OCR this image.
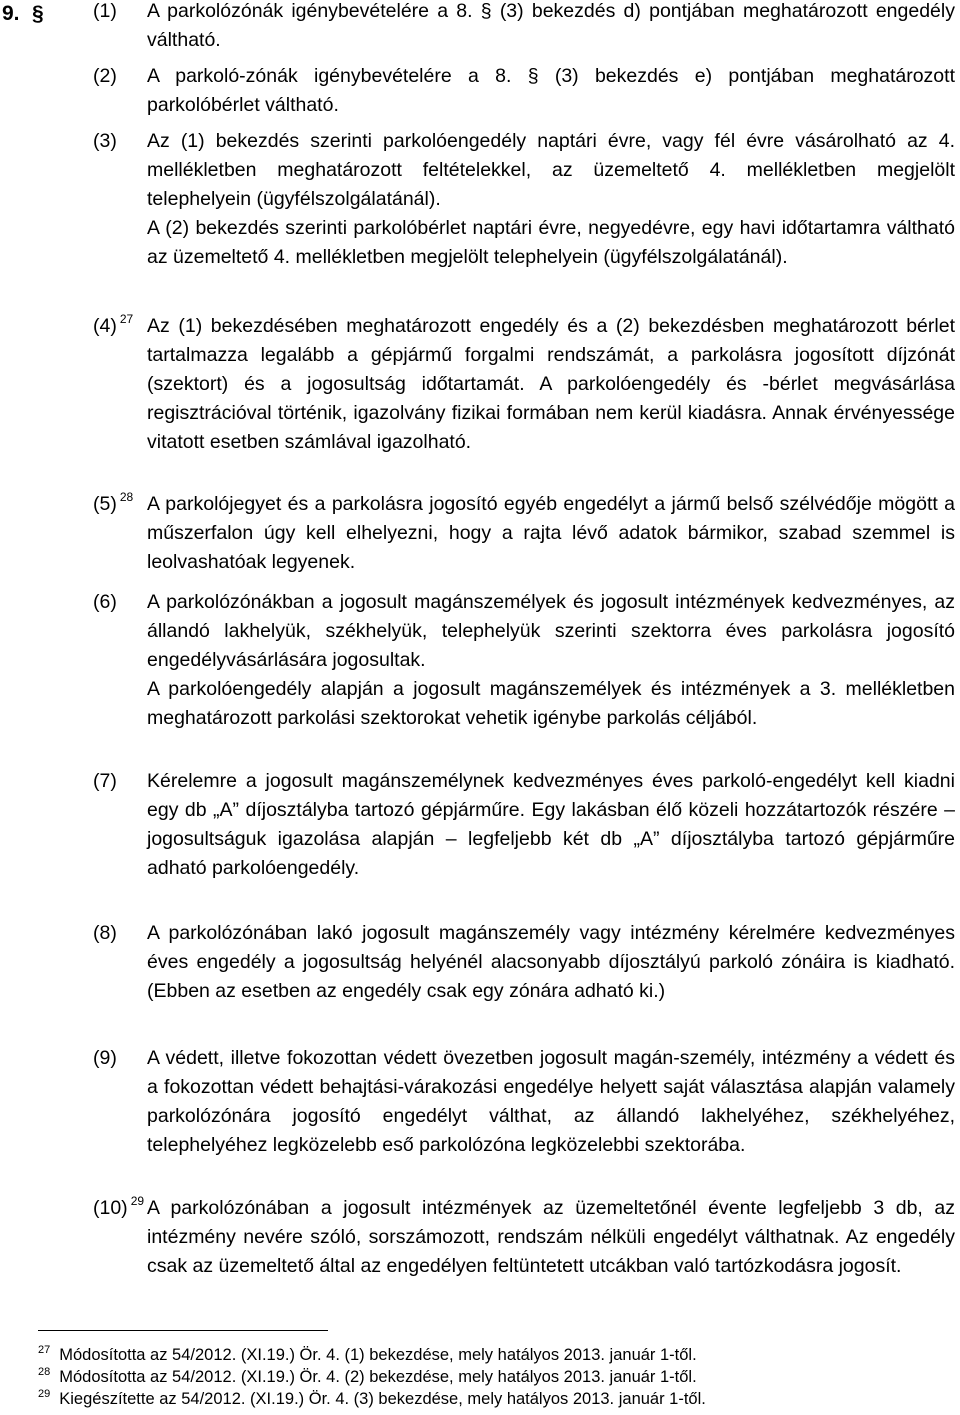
9. §	(1) A parkolózónák igénybevételére a 8. § (3) bekezdés d) pontjában meghatározott engedély váltható.

(2) A parkoló-zónák igénybevételére a 8. § (3) bekezdés e) pontjában meghatározott parkolóbérlet váltható.

(3) Az (1) bekezdés szerinti parkolóengedély naptári évre, vagy fél évre vásárolható az 4. mellékletben meghatározott feltételekkel, az üzemeltető 4. mellékletben megjelölt telephelyein (ügyfélszolgálatánál).

A (2) bekezdés szerinti parkolóbérlet naptári évre, negyedévre, egy havi időtartamra váltható az üzemeltető 4. mellékletben megjelölt telephelyein (ügyfélszolgálatánál).

(4) $^{27}$ Az (1) bekezdésében meghatározott engedély és a (2) bekezdésben meghatározott bérlet tartalmazza legalább a gépjármű forgalmi rendszámát, a parkolásra jogosított díjzónát (szektort) és a jogosultság időtartamát. A parkolóengedély és -bérlet megvásárlása regisztrációval történik, igazolvány fizikai formában nem kerül kiadásra. Annak érvényessége vitatott esetben számlával igazolható.

(5) $^{28}$ A parkolójegyet és a parkolásra jogosító egyéb engedélyt a jármű belső szélvédője mögött a műszerfalon úgy kell elhelyezni, hogy a rajta lévő adatok bármikor, szabad szemmel is leolvashatóak legyenek.

(6) A parkolózónákban a jogosult magánszemélyek és jogosult intézmények kedvezményes, az állandó lakhelyük, székhelyük, telephelyük szerinti szektorra éves parkolásra jogosító engedélyvásárlására jogosultak.

A parkolóengedély alapján a jogosult magánszemélyek és intézmények a 3. mellékletben meghatározott parkolási szektorokat vehetik igénybe parkolás céljából.

(7) Kérelemre a jogosult magánszemélynek kedvezményes éves parkoló-engedélyt kell kiadni egy db „A” díjosztályba tartozó gépjárműre. Egy lakásban élő közeli hozzátartozók részére – jogosultságuk igazolása alapján – legfeljebb két db „A” díjosztályba tartozó gépjárműre adható parkolóengedély.

(8) A parkolózónában lakó jogosult magánszemély vagy intézmény kérelmére kedvezményes éves engedély a jogosultság helyénél alacsonyabb díjosztályú parkoló zónáira is kiadható. (Ebben az esetben az engedély csak egy zónára adható ki.)

(9) A védett, illetve fokozottan védett övezetben jogosult magán-személy, intézmény a védett és a fokozottan védett behajtási-várakozási engedélye helyett saját választása alapján valamely parkolózónára jogosító engedélyt válthat, az állandó lakhelyéhez, székhelyéhez, telephelyéhez legközelebb eső parkolózóna legközelebbi szektorába.

(10) $^{29}$ A parkolózónában a jogosult intézmények az üzemeltetőnél évente legfeljebb 3 db, az intézmény nevére szóló, sorszámozott, rendszám nélküli engedélyt válthatnak. Az engedély csak az üzemeltető által az engedélyen feltüntetett utcákban való tartózkodásra jogosít.

$^{27}$ Módosította az 54/2012. (XI.19.) Ör. 4. (1) bekezdése, mely hatályos 2013. január 1-től.
$^{28}$ Módosította az 54/2012. (XI.19.) Ör. 4. (2) bekezdése, mely hatályos 2013. január 1-től.
$^{29}$ Kiegészítette az 54/2012. (XI.19.) Ör. 4. (3) bekezdése, mely hatályos 2013. január 1-től.
